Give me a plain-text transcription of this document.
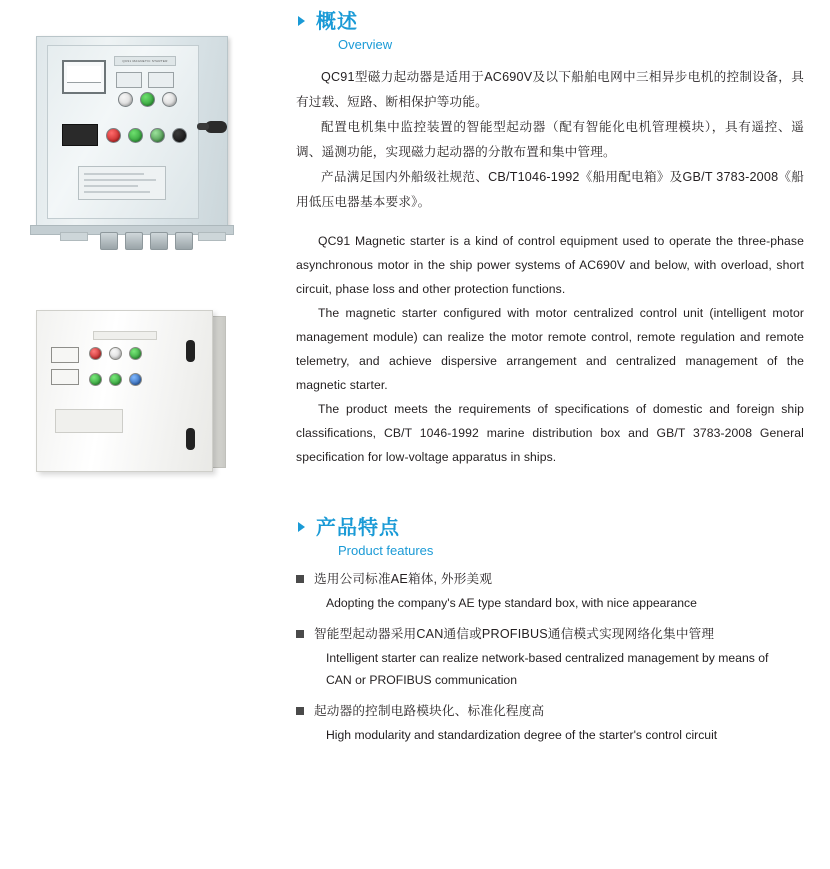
QC91 MAGNETIC STARTER
概述
Overview

QC91型磁力起动器是适用于AC690V及以下船舶电网中三相异步电机的控制设备，具有过载、短路、断相保护等功能。

配置电机集中监控装置的智能型起动器（配有智能化电机管理模块），具有遥控、遥调、遥测功能，实现磁力起动器的分散布置和集中管理。

产品满足国内外船级社规范、CB/T1046-1992《船用配电箱》及GB/T 3783-2008《船用低压电器基本要求》。

QC91 Magnetic starter is a kind of control equipment used to operate the three-phase asynchronous motor in the ship power systems of AC690V and below, with overload, short circuit, phase loss and other protection functions.

The magnetic starter configured with motor centralized control unit (intelligent motor management module) can realize the motor remote control, remote regulation and remote telemetry, and achieve dispersive arrangement and centralized management of the magnetic starter.

The product meets the requirements of specifications of domestic and foreign ship classifications, CB/T 1046-1992 marine distribution box and GB/T 3783-2008 General specification for low-voltage apparatus in ships.

产品特点
Product features
选用公司标准AE箱体, 外形美观
Adopting the company's AE type standard box, with nice appearance
智能型起动器采用CAN通信或PROFIBUS通信模式实现网络化集中管理
Intelligent starter can realize network-based centralized management by means of CAN or PROFIBUS communication
起动器的控制电路模块化、标准化程度高
High modularity and standardization degree of the starter's control circuit
